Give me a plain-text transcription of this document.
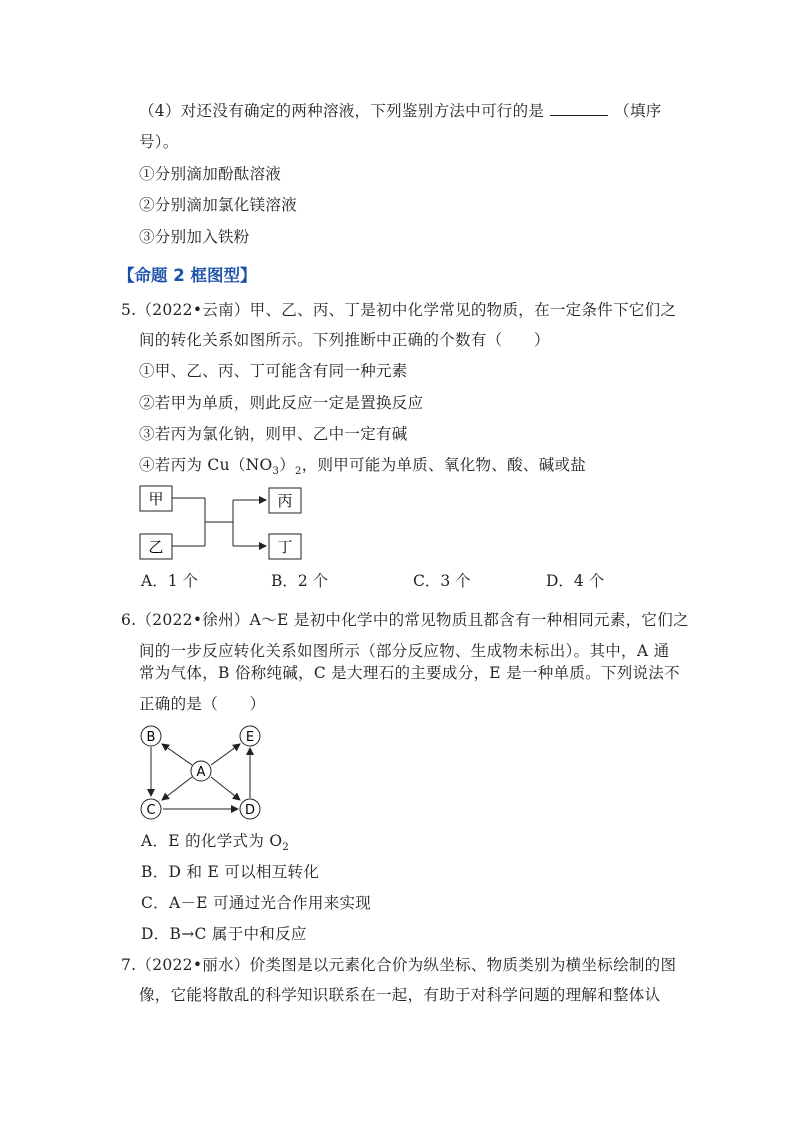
（4）对还没有确定的两种溶液，下列鉴别方法中可行的是	（填序
号）。
①分别滴加酚酞溶液
②分别滴加氯化镁溶液
③分别加入铁粉
【命题 2 框图型】
5.（2022•云南）甲、乙、丙、丁是初中化学常见的物质，在一定条件下它们之
间的转化关系如图所示。下列推断中正确的个数有（　　）
①甲、乙、丙、丁可能含有同一种元素
②若甲为单质，则此反应一定是置换反应
③若丙为氯化钠，则甲、乙中一定有碱
④若丙为 $Cu(NO_3)_2$，则甲可能为单质、氧化物、酸、碱或盐
甲
乙
丙
丁
A．1 个	B．2 个	C．3 个	D．4 个
6.（2022•徐州）A～E 是初中化学中的常见物质且都含有一种相同元素，它们之
间的一步反应转化关系如图所示（部分反应物、生成物未标出）。其中，A 通
常为气体，B 俗称纯碱，C 是大理石的主要成分，E 是一种单质。下列说法不
正确的是（　　）
B	E
A
C	D
A．E 的化学式为 $O_2$
B．D 和 E 可以相互转化
C．A－E 可通过光合作用来实现
D．B→C 属于中和反应
7.（2022•丽水）价类图是以元素化合价为纵坐标、物质类别为横坐标绘制的图
像，它能将散乱的科学知识联系在一起，有助于对科学问题的理解和整体认
